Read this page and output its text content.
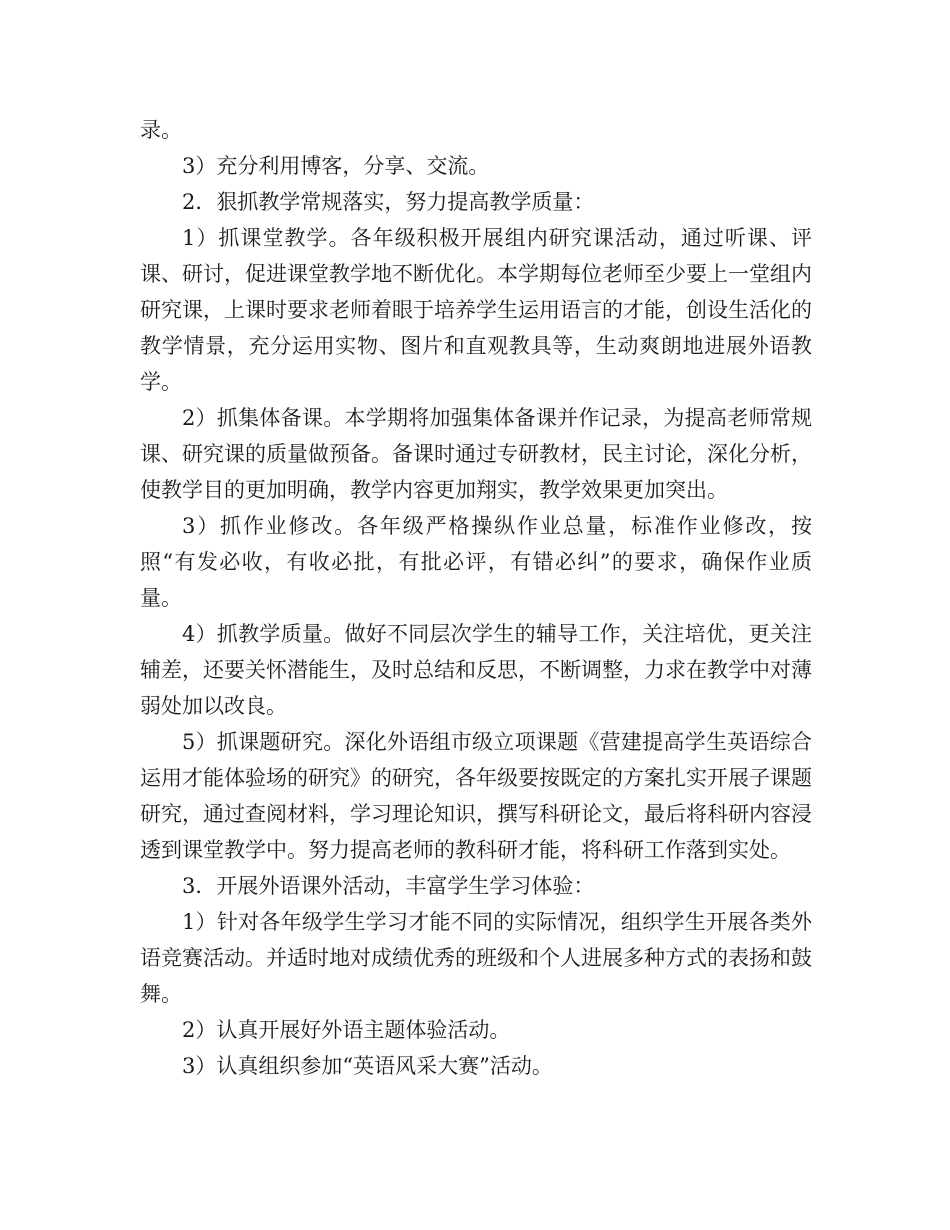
录。

3）充分利用博客，分享、交流。

2．狠抓教学常规落实，努力提高教学质量：

1）抓课堂教学。各年级积极开展组内研究课活动，通过听课、评课、研讨，促进课堂教学地不断优化。本学期每位老师至少要上一堂组内研究课，上课时要求老师着眼于培养学生运用语言的才能，创设生活化的教学情景，充分运用实物、图片和直观教具等，生动爽朗地进展外语教学。

2）抓集体备课。本学期将加强集体备课并作记录，为提高老师常规课、研究课的质量做预备。备课时通过专研教材，民主讨论，深化分析，使教学目的更加明确，教学内容更加翔实，教学效果更加突出。

3）抓作业修改。各年级严格操纵作业总量，标准作业修改，按照“有发必收，有收必批，有批必评，有错必纠”的要求，确保作业质量。

4）抓教学质量。做好不同层次学生的辅导工作，关注培优，更关注辅差，还要关怀潜能生，及时总结和反思，不断调整，力求在教学中对薄弱处加以改良。

5）抓课题研究。深化外语组市级立项课题《营建提高学生英语综合运用才能体验场的研究》的研究，各年级要按既定的方案扎实开展子课题研究，通过查阅材料，学习理论知识，撰写科研论文，最后将科研内容浸透到课堂教学中。努力提高老师的教科研才能，将科研工作落到实处。

3．开展外语课外活动，丰富学生学习体验：

1）针对各年级学生学习才能不同的实际情况，组织学生开展各类外语竞赛活动。并适时地对成绩优秀的班级和个人进展多种方式的表扬和鼓舞。

2）认真开展好外语主题体验活动。

3）认真组织参加“英语风采大赛”活动。
